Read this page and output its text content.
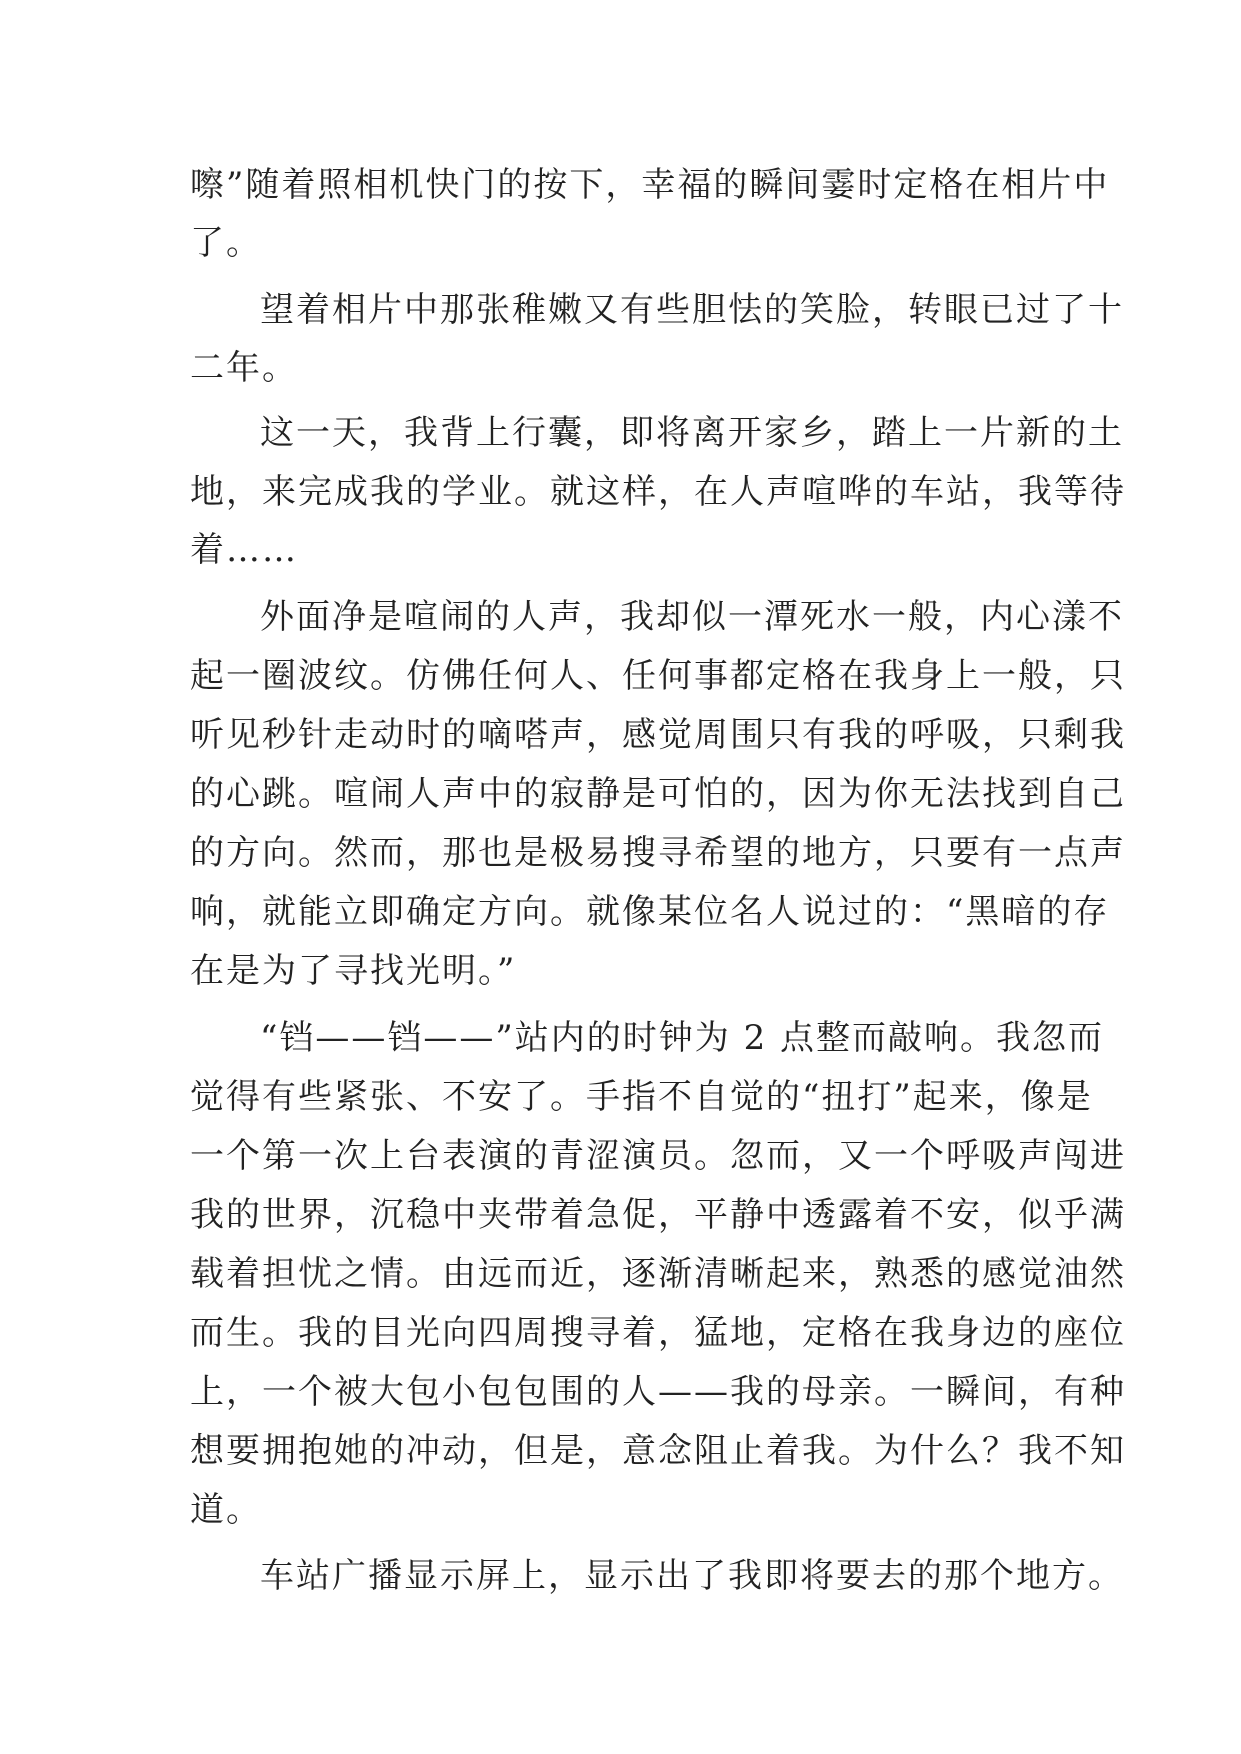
嚓”随着照相机快门的按下，幸福的瞬间霎时定格在相片中
了。
望着相片中那张稚嫩又有些胆怯的笑脸，转眼已过了十
二年。
这一天，我背上行囊，即将离开家乡，踏上一片新的土
地，来完成我的学业。就这样，在人声喧哗的车站，我等待
着……
外面净是喧闹的人声，我却似一潭死水一般，内心漾不
起一圈波纹。仿佛任何人、任何事都定格在我身上一般，只
听见秒针走动时的嘀嗒声，感觉周围只有我的呼吸，只剩我
的心跳。喧闹人声中的寂静是可怕的，因为你无法找到自己
的方向。然而，那也是极易搜寻希望的地方，只要有一点声
响，就能立即确定方向。就像某位名人说过的：“黑暗的存
在是为了寻找光明。”
“铛——铛——”站内的时钟为 2 点整而敲响。我忽而
觉得有些紧张、不安了。手指不自觉的“扭打”起来，像是
一个第一次上台表演的青涩演员。忽而，又一个呼吸声闯进
我的世界，沉稳中夹带着急促，平静中透露着不安，似乎满
载着担忧之情。由远而近，逐渐清晰起来，熟悉的感觉油然
而生。我的目光向四周搜寻着，猛地，定格在我身边的座位
上，一个被大包小包包围的人——我的母亲。一瞬间，有种
想要拥抱她的冲动，但是，意念阻止着我。为什么？我不知
道。
车站广播显示屏上，显示出了我即将要去的那个地方。
